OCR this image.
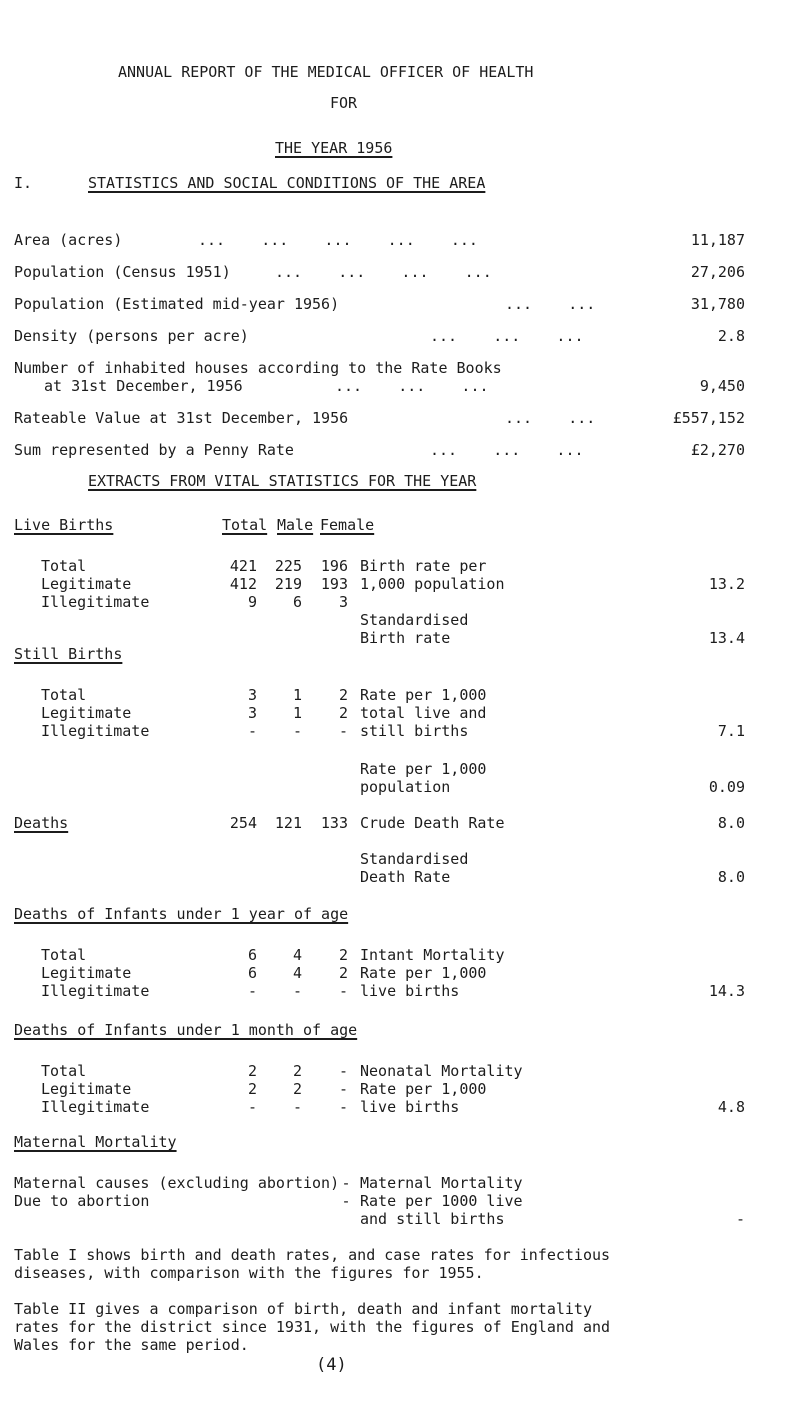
ANNUAL REPORT OF THE MEDICAL OFFICER OF HEALTH
FOR
THE YEAR 1956
I.	STATISTICS AND SOCIAL CONDITIONS OF THE AREA
Area (acres)	...    ...    ...    ...    ...	11,187
Population (Census 1951)	...    ...    ...    ...	27,206
Population (Estimated mid-year 1956)	...    ...	31,780
Density (persons per acre)	...    ...    ...	2.8
Number of inhabited houses according to the Rate Books
at 31st December, 1956	...    ...    ...	9,450
Rateable Value at 31st December, 1956	...    ...	£557,152
Sum represented by a Penny Rate	...    ...    ...	£2,270
EXTRACTS FROM VITAL STATISTICS FOR THE YEAR
Live Births	Total Male Female
Total	421	225	196
Legitimate	412	219	193
Illegitimate	9	6	3
Birth rate per
1,000 population	13.2
Standardised
Birth rate	13.4
Still Births
Total	3	1	2
Legitimate	3	1	2
Illegitimate	-	-	-
Rate per 1,000
total live and
still births	7.1
Rate per 1,000
population	0.09
Deaths	254	121	133 Crude Death Rate	8.0
Standardised
Death Rate	8.0
Deaths of Infants under 1 year of age
Total	6	4	2
Legitimate	6	4	2
Illegitimate	-	-	-
Intant Mortality
Rate per 1,000
live births	14.3
Deaths of Infants under 1 month of age
Total	2	2	-
Legitimate	2	2	-
Illegitimate	-	-	-
Neonatal Mortality
Rate per 1,000
live births	4.8
Maternal Mortality
Maternal causes (excluding abortion) -
Due to abortion	-
Maternal Mortality
Rate per 1000 live
and still births	-
Table I shows birth and death rates, and case rates for infectious
diseases, with comparison with the figures for 1955.
Table II gives a comparison of birth, death and infant mortality
rates for the district since 1931, with the figures of England and
Wales for the same period.
(4)
